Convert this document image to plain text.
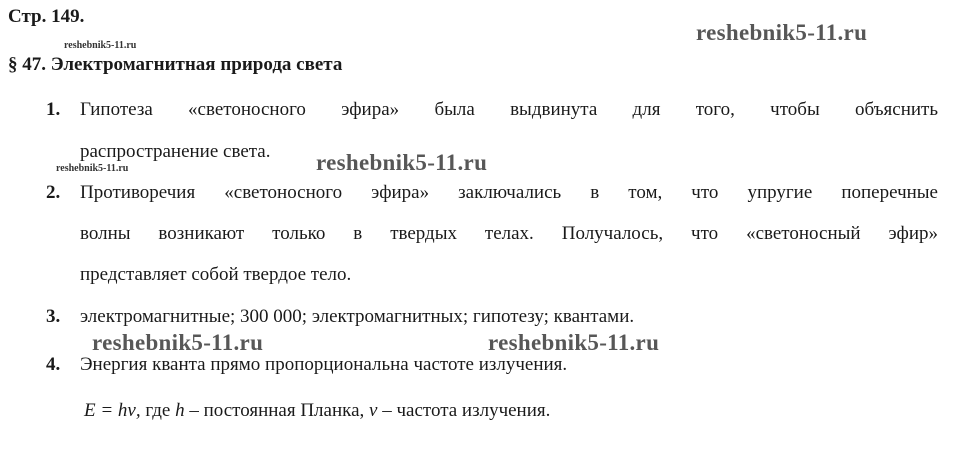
Стр. 149.
reshebnik5-11.ru
reshebnik5-11.ru
§ 47. Электромагнитная природа света
1. Гипотеза «светоносного эфира» была выдвинута для того, чтобы объяснить
распространение света.
reshebnik5-11.ru	reshebnik5-11.ru
2. Противоречия «светоносного эфира» заключались в том, что упругие поперечные
волны возникают только в твердых телах. Получалось, что «светоносный эфир»
представляет собой твердое тело.
3. электромагнитные; 300 000; электромагнитных; гипотезу; квантами.
reshebnik5-11.ru	reshebnik5-11.ru
4. Энергия кванта прямо пропорциональна частоте излучения.
E = hν, где h – постоянная Планка, ν – частота излучения.
